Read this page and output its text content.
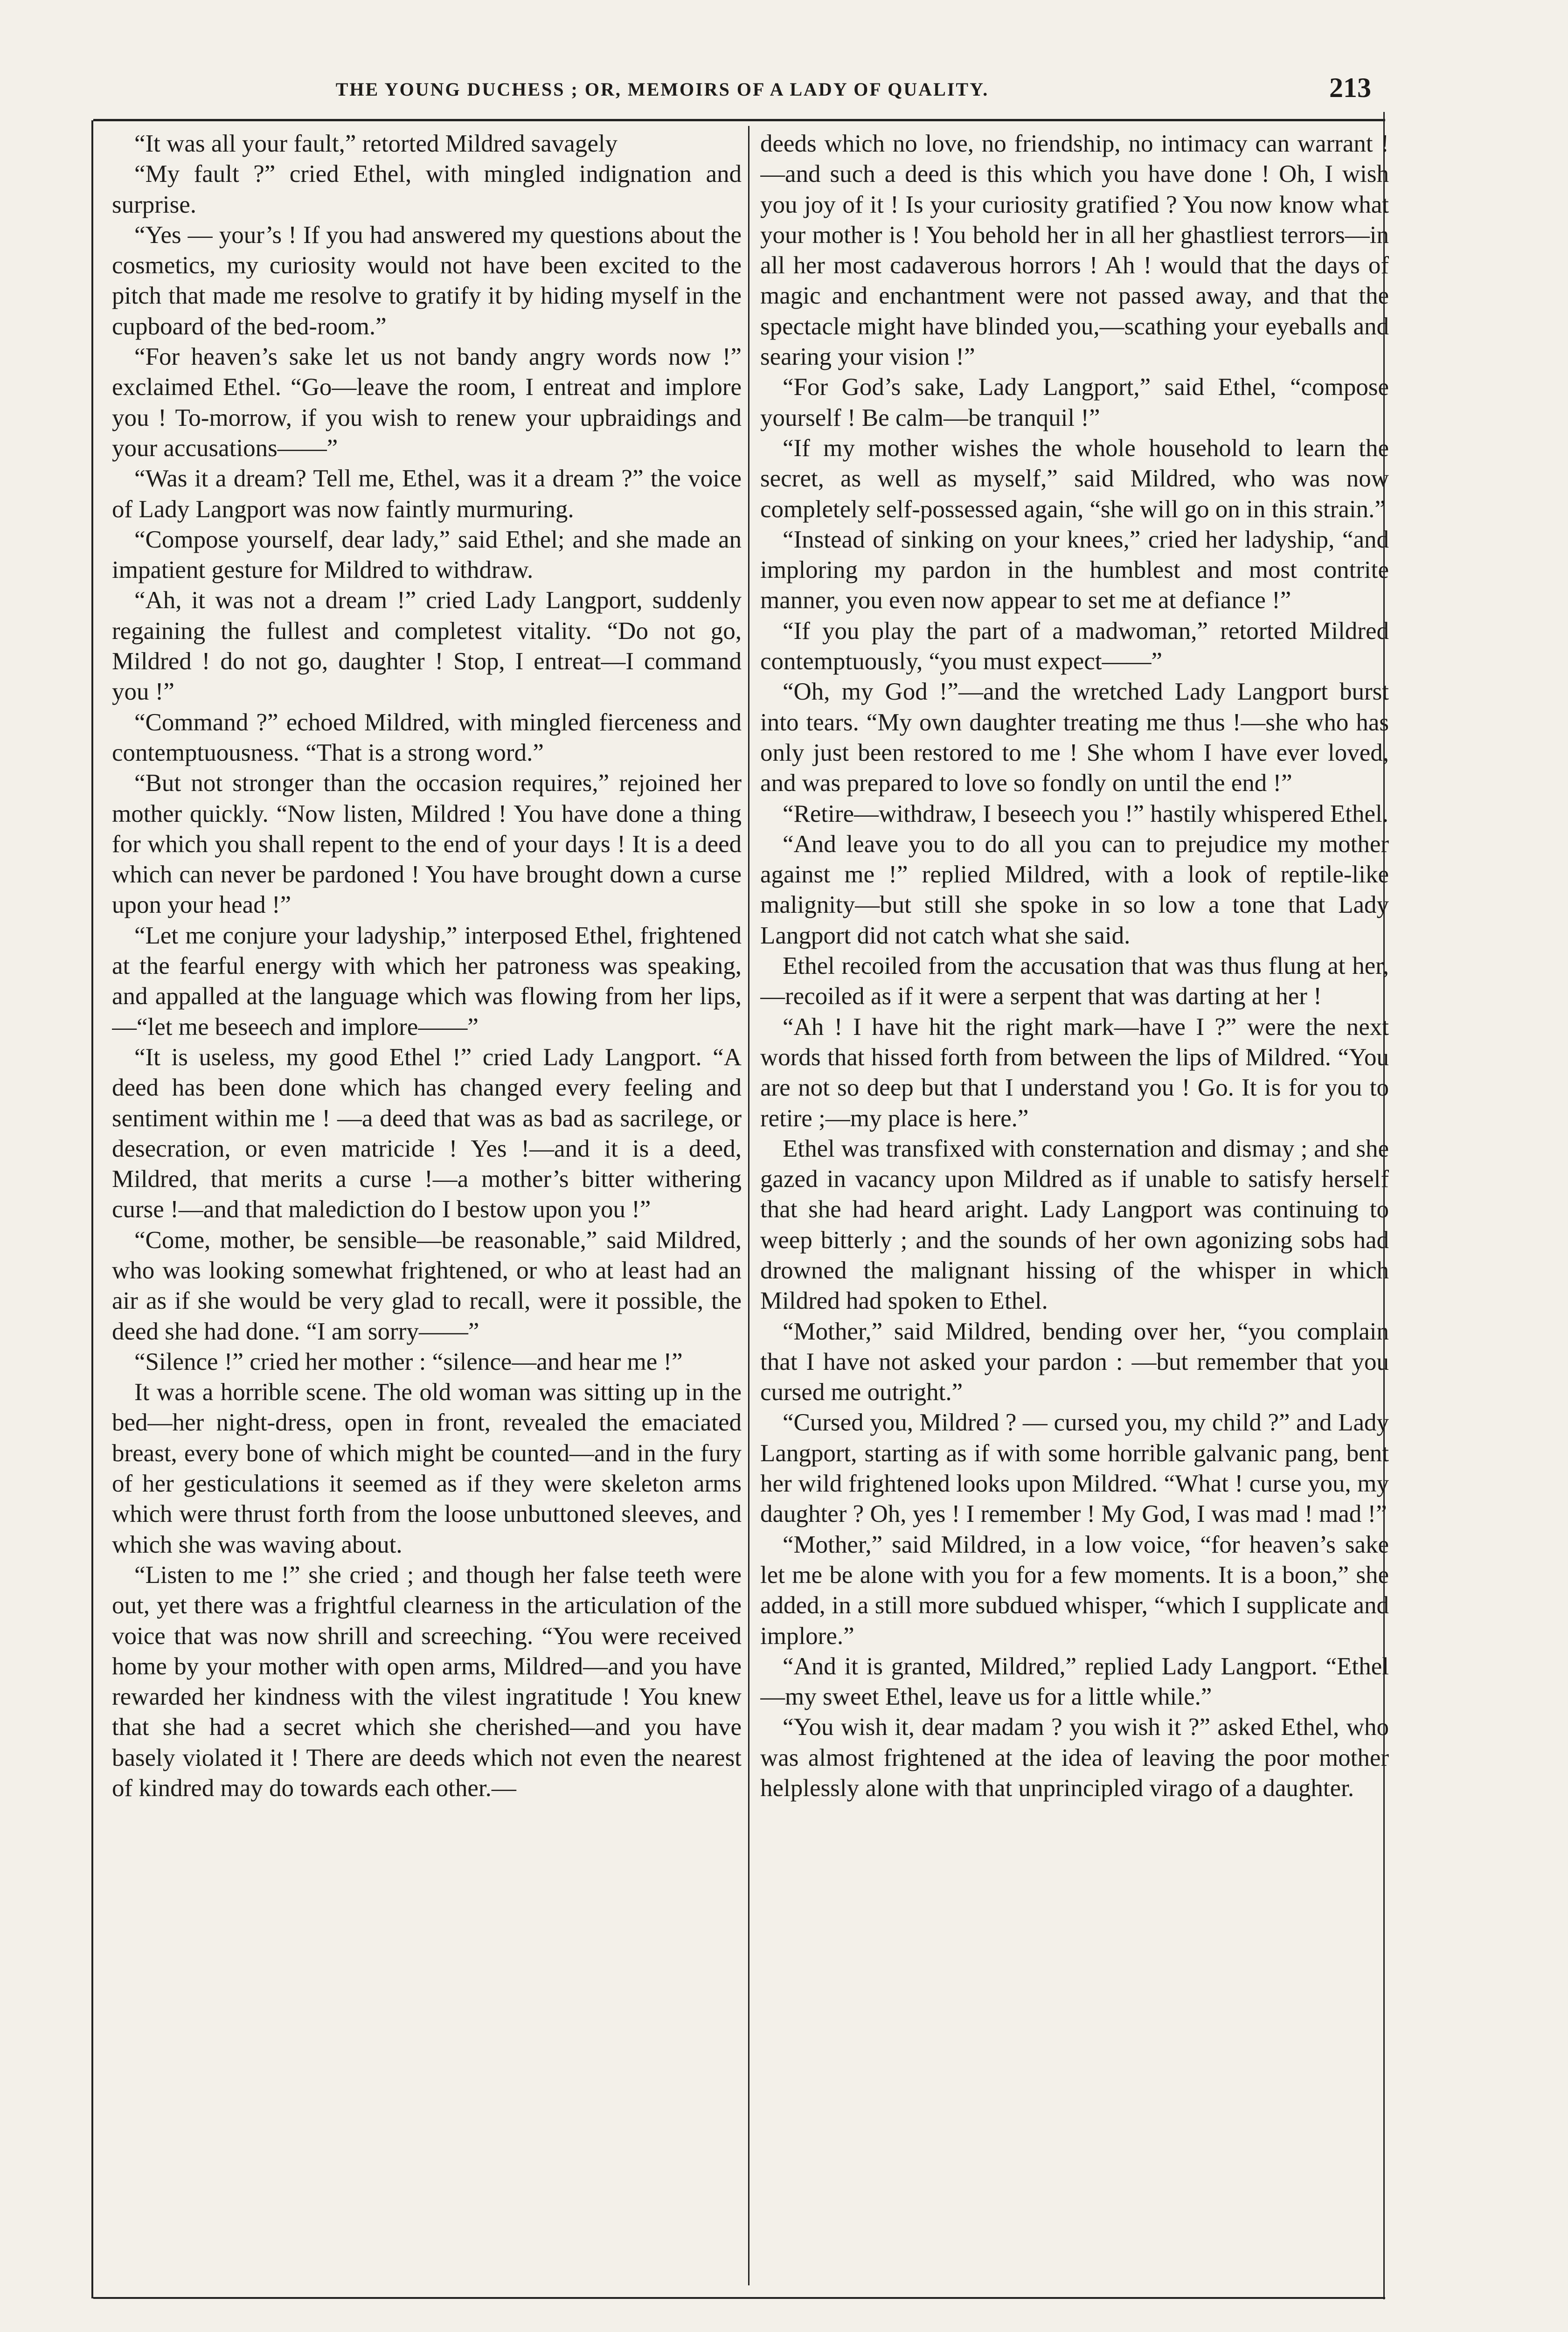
THE YOUNG DUCHESS ; OR, MEMOIRS OF A LADY OF QUALITY.	213

“It was all your fault,” retorted Mildred savagely

“My fault ?” cried Ethel, with mingled indignation and surprise.

“Yes — your’s ! If you had answered my questions about the cosmetics, my curiosity would not have been excited to the pitch that made me resolve to gratify it by hiding myself in the cupboard of the bed-room.”

“For heaven’s sake let us not bandy angry words now !” exclaimed Ethel. “Go—leave the room, I entreat and implore you ! To-morrow, if you wish to renew your upbraidings and your accusations——”

“Was it a dream? Tell me, Ethel, was it a dream ?” the voice of Lady Langport was now faintly murmuring.

“Compose yourself, dear lady,” said Ethel; and she made an impatient gesture for Mildred to withdraw.

“Ah, it was not a dream !” cried Lady Langport, suddenly regaining the fullest and completest vitality. “Do not go, Mildred ! do not go, daughter ! Stop, I entreat—I command you !”

“Command ?” echoed Mildred, with mingled fierceness and contemptuousness. “That is a strong word.”

“But not stronger than the occasion requires,” rejoined her mother quickly. “Now listen, Mildred ! You have done a thing for which you shall repent to the end of your days ! It is a deed which can never be pardoned ! You have brought down a curse upon your head !”

“Let me conjure your ladyship,” interposed Ethel, frightened at the fearful energy with which her patroness was speaking, and appalled at the language which was flowing from her lips,—“let me beseech and implore——”

“It is useless, my good Ethel !” cried Lady Langport. “A deed has been done which has changed every feeling and sentiment within me ! —a deed that was as bad as sacrilege, or desecration, or even matricide ! Yes !—and it is a deed, Mildred, that merits a curse !—a mother’s bitter withering curse !—and that malediction do I bestow upon you !”

“Come, mother, be sensible—be reasonable,” said Mildred, who was looking somewhat frightened, or who at least had an air as if she would be very glad to recall, were it possible, the deed she had done. “I am sorry——”

“Silence !” cried her mother : “silence—and hear me !”

It was a horrible scene. The old woman was sitting up in the bed—her night-dress, open in front, revealed the emaciated breast, every bone of which might be counted—and in the fury of her gesticulations it seemed as if they were skeleton arms which were thrust forth from the loose unbuttoned sleeves, and which she was waving about.

“Listen to me !” she cried ; and though her false teeth were out, yet there was a frightful clearness in the articulation of the voice that was now shrill and screeching. “You were received home by your mother with open arms, Mildred—and you have rewarded her kindness with the vilest ingratitude ! You knew that she had a secret which she cherished—and you have basely violated it ! There are deeds which not even the nearest of kindred may do towards each other.—

deeds which no love, no friendship, no intimacy can warrant !—and such a deed is this which you have done ! Oh, I wish you joy of it ! Is your curiosity gratified ? You now know what your mother is ! You behold her in all her ghastliest terrors—in all her most cadaverous horrors ! Ah ! would that the days of magic and enchantment were not passed away, and that the spectacle might have blinded you,—scathing your eyeballs and searing your vision !”

“For God’s sake, Lady Langport,” said Ethel, “compose yourself ! Be calm—be tranquil !”

“If my mother wishes the whole household to learn the secret, as well as myself,” said Mildred, who was now completely self-possessed again, “she will go on in this strain.”

“Instead of sinking on your knees,” cried her ladyship, “and imploring my pardon in the humblest and most contrite manner, you even now appear to set me at defiance !”

“If you play the part of a madwoman,” retorted Mildred contemptuously, “you must expect——”

“Oh, my God !”—and the wretched Lady Langport burst into tears. “My own daughter treating me thus !—she who has only just been restored to me ! She whom I have ever loved, and was prepared to love so fondly on until the end !”

“Retire—withdraw, I beseech you !” hastily whispered Ethel.

“And leave you to do all you can to prejudice my mother against me !” replied Mildred, with a look of reptile-like malignity—but still she spoke in so low a tone that Lady Langport did not catch what she said.

Ethel recoiled from the accusation that was thus flung at her,—recoiled as if it were a serpent that was darting at her !

“Ah ! I have hit the right mark—have I ?” were the next words that hissed forth from between the lips of Mildred. “You are not so deep but that I understand you ! Go. It is for you to retire ;—my place is here.”

Ethel was transfixed with consternation and dismay ; and she gazed in vacancy upon Mildred as if unable to satisfy herself that she had heard aright. Lady Langport was continuing to weep bitterly ; and the sounds of her own agonizing sobs had drowned the malignant hissing of the whisper in which Mildred had spoken to Ethel.

“Mother,” said Mildred, bending over her, “you complain that I have not asked your pardon : —but remember that you cursed me outright.”

“Cursed you, Mildred ? — cursed you, my child ?” and Lady Langport, starting as if with some horrible galvanic pang, bent her wild frightened looks upon Mildred. “What ! curse you, my daughter ? Oh, yes ! I remember ! My God, I was mad ! mad !”

“Mother,” said Mildred, in a low voice, “for heaven’s sake let me be alone with you for a few moments. It is a boon,” she added, in a still more subdued whisper, “which I supplicate and implore.”

“And it is granted, Mildred,” replied Lady Langport. “Ethel—my sweet Ethel, leave us for a little while.”

“You wish it, dear madam ? you wish it ?” asked Ethel, who was almost frightened at the idea of leaving the poor mother helplessly alone with that unprincipled virago of a daughter.
